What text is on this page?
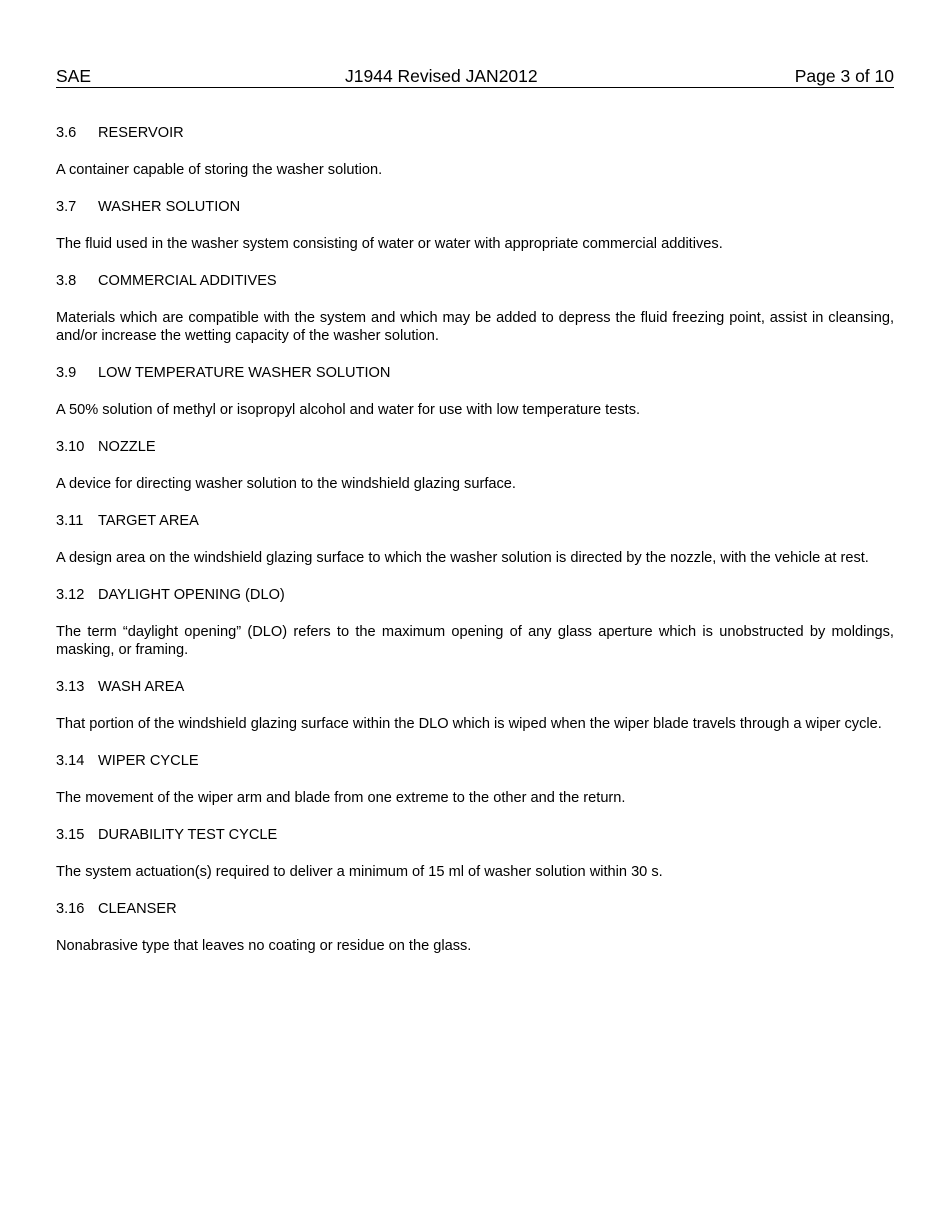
SAE	J1944 Revised JAN2012	Page 3 of 10
3.6	RESERVOIR

A container capable of storing the washer solution.

3.7	WASHER SOLUTION

The fluid used in the washer system consisting of water or water with appropriate commercial additives.

3.8	COMMERCIAL ADDITIVES

Materials which are compatible with the system and which may be added to depress the fluid freezing point, assist in cleansing, and/or increase the wetting capacity of the washer solution.

3.9	LOW TEMPERATURE WASHER SOLUTION

A 50% solution of methyl or isopropyl alcohol and water for use with low temperature tests.

3.10 NOZZLE

A device for directing washer solution to the windshield glazing surface.

3.11	TARGET AREA

A design area on the windshield glazing surface to which the washer solution is directed by the nozzle, with the vehicle at rest.

3.12 DAYLIGHT OPENING (DLO)

The term “daylight opening” (DLO) refers to the maximum opening of any glass aperture which is unobstructed by moldings, masking, or framing.

3.13 WASH AREA

That portion of the windshield glazing surface within the DLO which is wiped when the wiper blade travels through a wiper cycle.

3.14 WIPER CYCLE

The movement of the wiper arm and blade from one extreme to the other and the return.

3.15 DURABILITY TEST CYCLE

The system actuation(s) required to deliver a minimum of 15 ml of washer solution within 30 s.

3.16 CLEANSER

Nonabrasive type that leaves no coating or residue on the glass.
